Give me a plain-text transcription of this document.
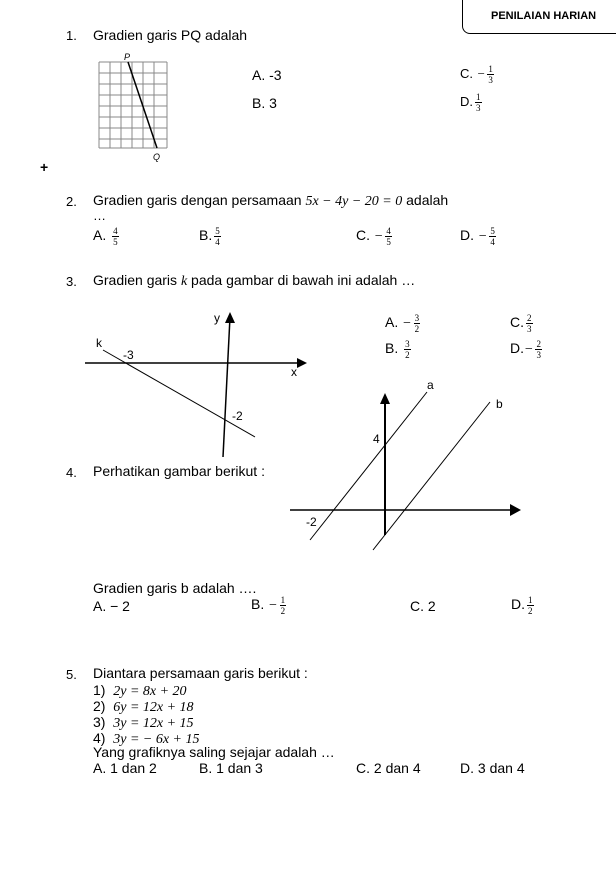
PENILAIAN HARIAN
1. Gradien garis PQ adalah
P
Q
A. -3
B. 3
C. − $\frac{1}{3}$
D. $\frac{1}{3}$
+
2. Gradien garis dengan persamaan 5x − 4y − 20 = 0 adalah
…
A. $\frac{4}{5}$	B. $\frac{5}{4}$	C. − $\frac{4}{5}$	D. − $\frac{5}{4}$
3. Gradien garis k pada gambar di bawah ini adalah …
y
x
k
-3
-2
A. − $\frac{3}{2}$
B. $\frac{3}{2}$
C. $\frac{2}{3}$
$D.- \frac{2}{3}$
a
b
4
-2
4. Perhatikan gambar berikut :
Gradien garis b adalah ….
A. − 2	B. − $\frac{1}{2}$	C. 2	D. $\frac{1}{2}$
5. Diantara persamaan garis berikut :
1) 2y = 8x + 20
2) 6y = 12x + 18
3) 3y = 12x + 15
4) 3y = − 6x + 15
Yang grafiknya saling sejajar adalah …
A. 1 dan 2	B. 1 dan 3	C. 2 dan 4	D. 3 dan 4
